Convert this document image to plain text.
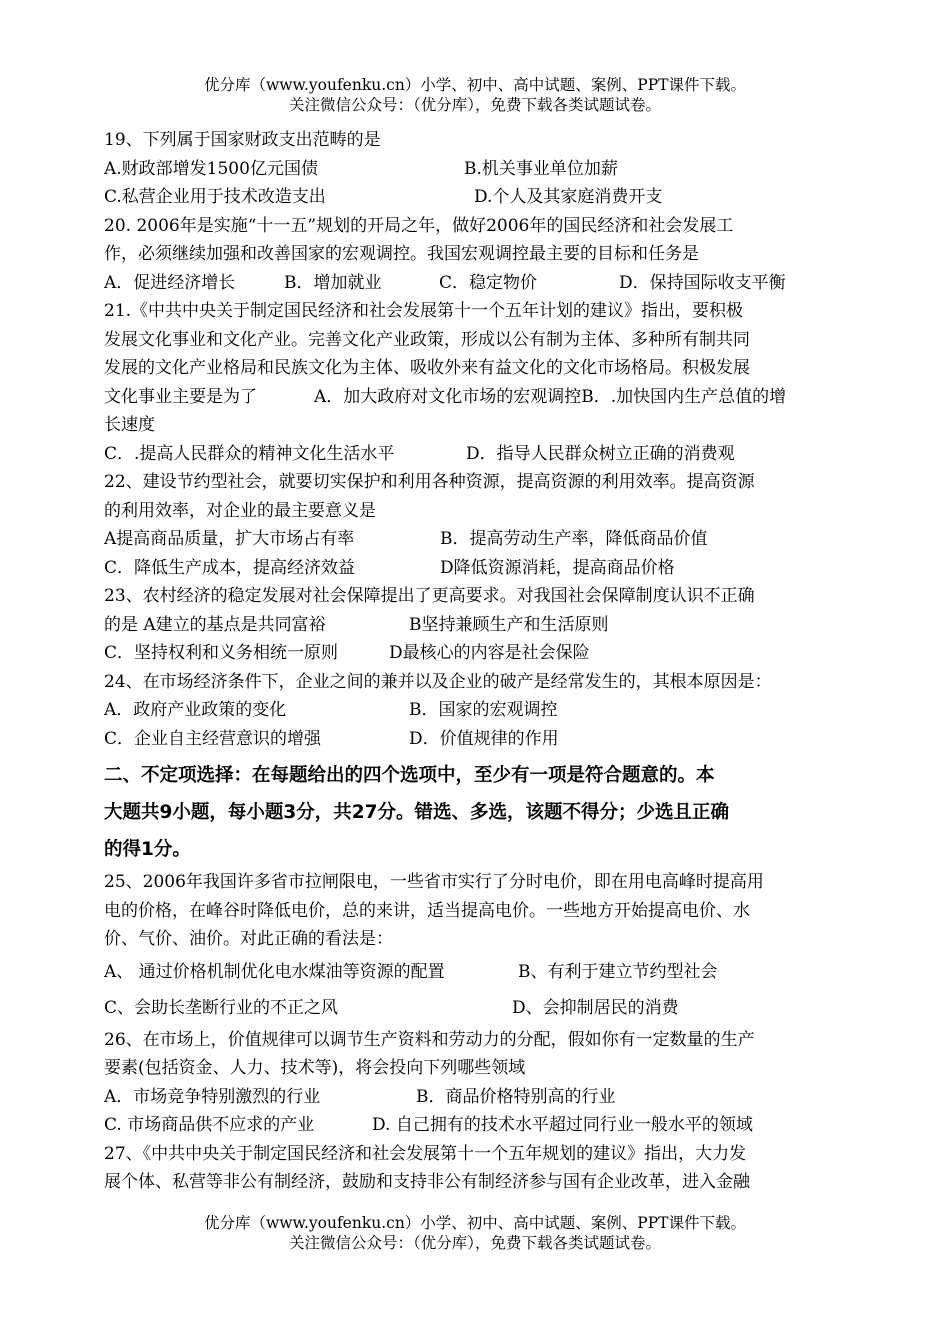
优分库（www.youfenku.cn）小学、初中、高中试题、案例、PPT课件下载。
关注微信公众号：（优分库），免费下载各类试题试卷。
19、下列属于国家财政支出范畴的是
A.财政部增发1500亿元国债	B.机关事业单位加薪
C.私营企业用于技术改造支出	D.个人及其家庭消费开支
20. 2006年是实施“十一五”规划的开局之年，做好2006年的国民经济和社会发展工
作，必须继续加强和改善国家的宏观调控。我国宏观调控最主要的目标和任务是
A．促进经济增长	B．增加就业	C．稳定物价	D．保持国际收支平衡
21.《中共中央关于制定国民经济和社会发展第十一个五年计划的建议》指出，要积极
发展文化事业和文化产业。完善文化产业政策，形成以公有制为主体、多种所有制共同
发展的文化产业格局和民族文化为主体、吸收外来有益文化的文化市场格局。积极发展
文化事业主要是为了	A．加大政府对文化市场的宏观调控B．.加快国内生产总值的增
长速度
C．.提高人民群众的精神文化生活水平	D．指导人民群众树立正确的消费观
22、建设节约型社会，就要切实保护和利用各种资源，提高资源的利用效率。提高资源
的利用效率，对企业的最主要意义是
A提高商品质量，扩大市场占有率	B．提高劳动生产率，降低商品价值
C．降低生产成本，提高经济效益	D降低资源消耗，提高商品价格
23、农村经济的稳定发展对社会保障提出了更高要求。对我国社会保障制度认识不正确
的是 A建立的基点是共同富裕	B坚持兼顾生产和生活原则
C．坚持权利和义务相统一原则	D最核心的内容是社会保险
24、在市场经济条件下，企业之间的兼并以及企业的破产是经常发生的，其根本原因是：
A．政府产业政策的变化	B．国家的宏观调控
C．企业自主经营意识的增强	D．价值规律的作用
二、不定项选择：在每题给出的四个选项中，至少有一项是符合题意的。本
大题共9小题，每小题3分，共27分。错选、多选，该题不得分；少选且正确
的得1分。
25、2006年我国许多省市拉闸限电，一些省市实行了分时电价，即在用电高峰时提高用
电的价格，在峰谷时降低电价，总的来讲，适当提高电价。一些地方开始提高电价、水
价、气价、油价。对此正确的看法是：
A、 通过价格机制优化电水煤油等资源的配置	B、有利于建立节约型社会
C、会助长垄断行业的不正之风	D、会抑制居民的消费
26、在市场上，价值规律可以调节生产资料和劳动力的分配，假如你有一定数量的生产
要素(包括资金、人力、技术等)，将会投向下列哪些领域
A．市场竞争特别激烈的行业	B．商品价格特别高的行业
C. 市场商品供不应求的产业	D. 自己拥有的技术水平超过同行业一般水平的领域
27、《中共中央关于制定国民经济和社会发展第十一个五年规划的建议》指出，大力发
展个体、私营等非公有制经济，鼓励和支持非公有制经济参与国有企业改革，进入金融
优分库（www.youfenku.cn）小学、初中、高中试题、案例、PPT课件下载。
关注微信公众号：（优分库），免费下载各类试题试卷。
